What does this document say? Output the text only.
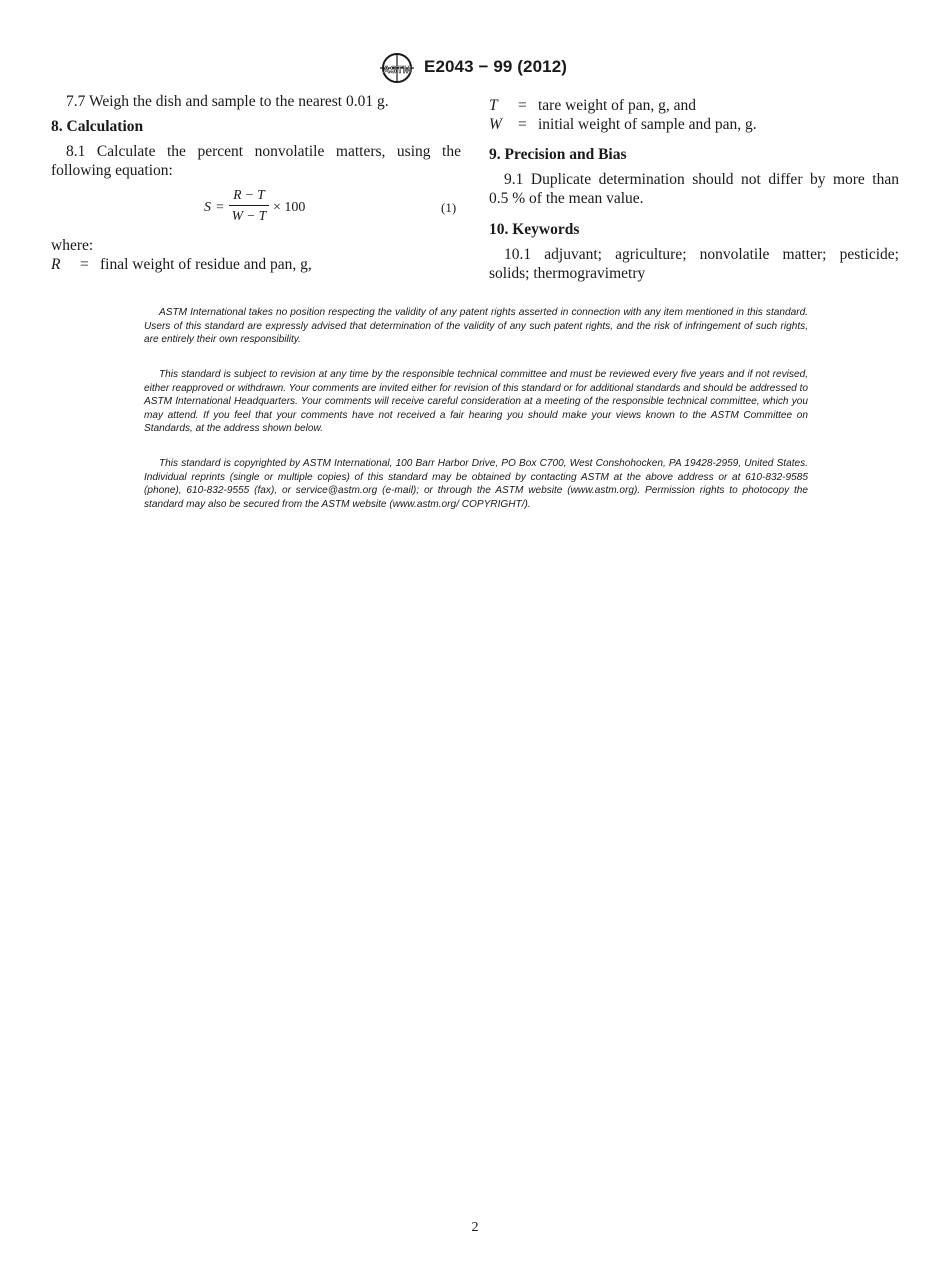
ASTM E2043 − 99 (2012)

7.7 Weigh the dish and sample to the nearest 0.01 g.

8. Calculation

8.1 Calculate the percent nonvolatile matters, using the

following equation:

S =
R − T
W − T
× 100	(1)

where:

R = final weight of residue and pan, g,
T = tare weight of pan, g, and
W = initial weight of sample and pan, g.

9. Precision and Bias

9.1 Duplicate determination should not differ by more than

0.5 % of the mean value.

10. Keywords

10.1 adjuvant; agriculture; nonvolatile matter; pesticide;

solids; thermogravimetry

ASTM International takes no position respecting the validity of any patent rights asserted in connection with any item mentioned in this standard. Users of this standard are expressly advised that determination of the validity of any such patent rights, and the risk of infringement of such rights, are entirely their own responsibility.

This standard is subject to revision at any time by the responsible technical committee and must be reviewed every five years and if not revised, either reapproved or withdrawn. Your comments are invited either for revision of this standard or for additional standards and should be addressed to ASTM International Headquarters. Your comments will receive careful consideration at a meeting of the responsible technical committee, which you may attend. If you feel that your comments have not received a fair hearing you should make your views known to the ASTM Committee on Standards, at the address shown below.

This standard is copyrighted by ASTM International, 100 Barr Harbor Drive, PO Box C700, West Conshohocken, PA 19428-2959, United States. Individual reprints (single or multiple copies) of this standard may be obtained by contacting ASTM at the above address or at 610-832-9585 (phone), 610-832-9555 (fax), or service@astm.org (e-mail); or through the ASTM website (www.astm.org). Permission rights to photocopy the standard may also be secured from the ASTM website (www.astm.org/ COPYRIGHT/).

2
